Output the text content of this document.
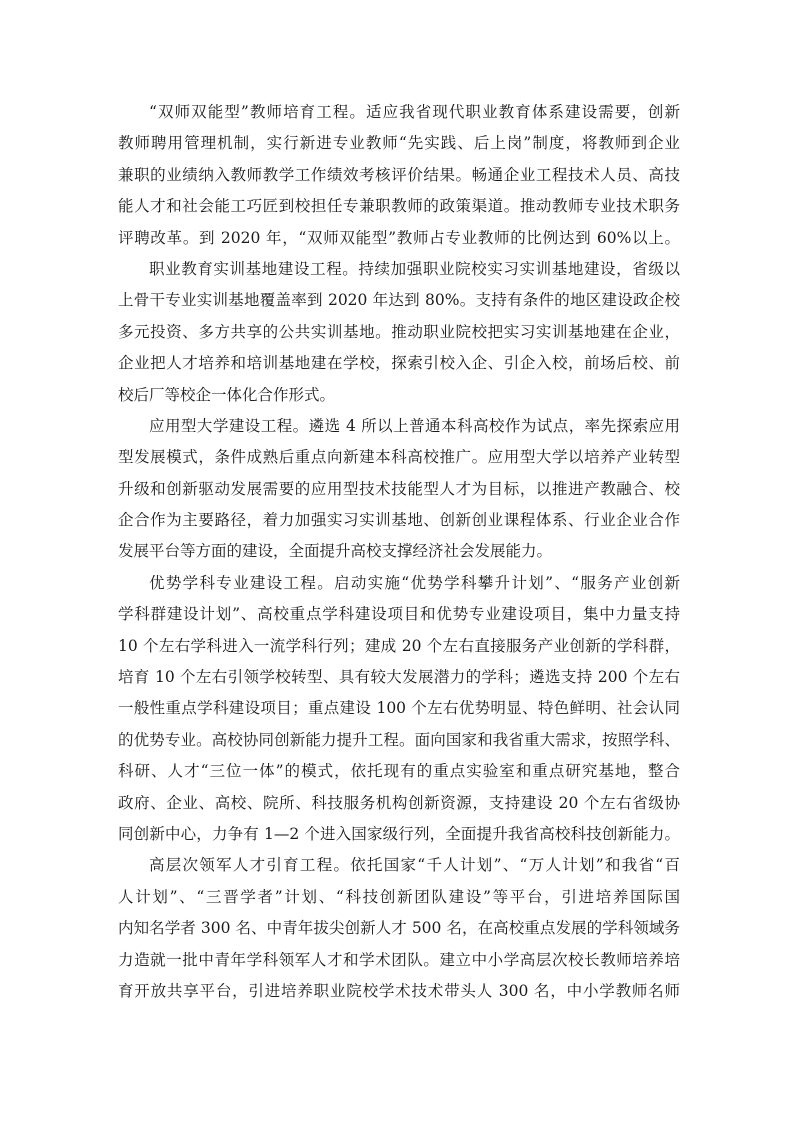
“双师双能型”教师培育工程。适应我省现代职业教育体系建设需要，创新
教师聘用管理机制，实行新进专业教师“先实践、后上岗”制度，将教师到企业
兼职的业绩纳入教师教学工作绩效考核评价结果。畅通企业工程技术人员、高技
能人才和社会能工巧匠到校担任专兼职教师的政策渠道。推动教师专业技术职务
评聘改革。到 2020 年，“双师双能型”教师占专业教师的比例达到 60%以上。
职业教育实训基地建设工程。持续加强职业院校实习实训基地建设，省级以
上骨干专业实训基地覆盖率到 2020 年达到 80%。支持有条件的地区建设政企校
多元投资、多方共享的公共实训基地。推动职业院校把实习实训基地建在企业，
企业把人才培养和培训基地建在学校，探索引校入企、引企入校，前场后校、前
校后厂等校企一体化合作形式。
应用型大学建设工程。遴选 4 所以上普通本科高校作为试点，率先探索应用
型发展模式，条件成熟后重点向新建本科高校推广。应用型大学以培养产业转型
升级和创新驱动发展需要的应用型技术技能型人才为目标，以推进产教融合、校
企合作为主要路径，着力加强实习实训基地、创新创业课程体系、行业企业合作
发展平台等方面的建设，全面提升高校支撑经济社会发展能力。
优势学科专业建设工程。启动实施“优势学科攀升计划”、“服务产业创新
学科群建设计划”、高校重点学科建设项目和优势专业建设项目，集中力量支持
10 个左右学科进入一流学科行列；建成 20 个左右直接服务产业创新的学科群，
培育 10 个左右引领学校转型、具有较大发展潜力的学科；遴选支持 200 个左右
一般性重点学科建设项目；重点建设 100 个左右优势明显、特色鲜明、社会认同
的优势专业。高校协同创新能力提升工程。面向国家和我省重大需求，按照学科、
科研、人才“三位一体”的模式，依托现有的重点实验室和重点研究基地，整合
政府、企业、高校、院所、科技服务机构创新资源，支持建设 20 个左右省级协
同创新中心，力争有 1—2 个进入国家级行列，全面提升我省高校科技创新能力。
高层次领军人才引育工程。依托国家“千人计划”、“万人计划”和我省“百
人计划”、“三晋学者”计划、“科技创新团队建设”等平台，引进培养国际国
内知名学者 300 名、中青年拔尖创新人才 500 名，在高校重点发展的学科领域务
力造就一批中青年学科领军人才和学术团队。建立中小学高层次校长教师培养培
育开放共享平台，引进培养职业院校学术技术带头人 300 名，中小学教师名师
